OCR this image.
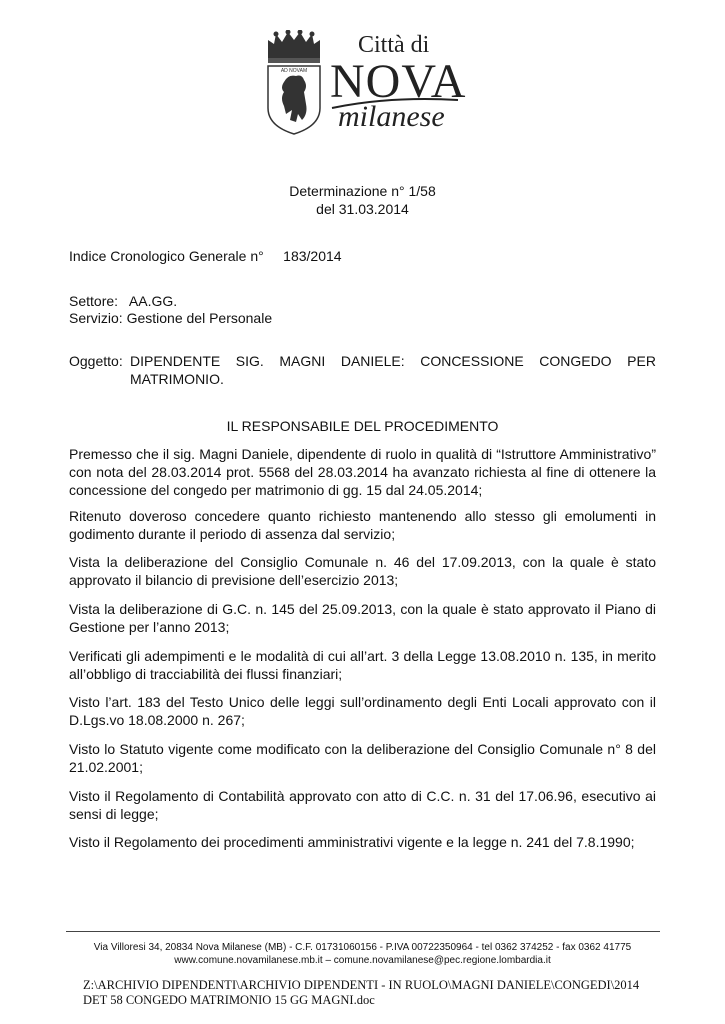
AD NOVAM
Città di
NOVA
milanese
Determinazione n° 1/58
del 31.03.2014
Indice Cronologico Generale n°     183/2014
Settore:   AA.GG.
Servizio: Gestione del Personale
Oggetto: DIPENDENTE SIG. MAGNI DANIELE: CONCESSIONE CONGEDO PER
MATRIMONIO.
IL RESPONSABILE DEL PROCEDIMENTO
Premesso che il sig. Magni Daniele, dipendente di ruolo in qualità di “Istruttore Amministrativo” con nota del 28.03.2014 prot. 5568 del 28.03.2014 ha avanzato richiesta al fine di ottenere la concessione del congedo per matrimonio di gg. 15 dal 24.05.2014;
Ritenuto doveroso concedere quanto richiesto mantenendo allo stesso gli emolumenti in godimento durante il periodo di assenza dal servizio;
Vista la deliberazione del Consiglio Comunale n. 46 del 17.09.2013, con la quale è stato approvato il bilancio di previsione dell’esercizio 2013;
Vista la deliberazione di G.C. n. 145 del 25.09.2013, con la quale è stato approvato il Piano di Gestione per l’anno 2013;
Verificati gli adempimenti e le modalità di cui all’art. 3 della Legge 13.08.2010 n. 135, in merito all’obbligo di tracciabilità dei flussi finanziari;
Visto l’art. 183 del Testo Unico delle leggi sull’ordinamento degli Enti Locali approvato con il D.Lgs.vo 18.08.2000 n. 267;
Visto lo Statuto vigente come modificato con la deliberazione del Consiglio Comunale n° 8 del 21.02.2001;
Visto il Regolamento di Contabilità approvato con atto di C.C. n. 31 del 17.06.96, esecutivo ai sensi di legge;
Visto il Regolamento dei procedimenti amministrativi vigente e la legge n. 241 del 7.8.1990;
Via Villoresi 34, 20834 Nova Milanese (MB) - C.F. 01731060156 - P.IVA 00722350964 - tel 0362 374252 - fax 0362 41775
www.comune.novamilanese.mb.it – comune.novamilanese@pec.regione.lombardia.it
Z:\ARCHIVIO DIPENDENTI\ARCHIVIO DIPENDENTI - IN RUOLO\MAGNI DANIELE\CONGEDI\2014 DET 58 CONGEDO MATRIMONIO 15 GG MAGNI.doc
